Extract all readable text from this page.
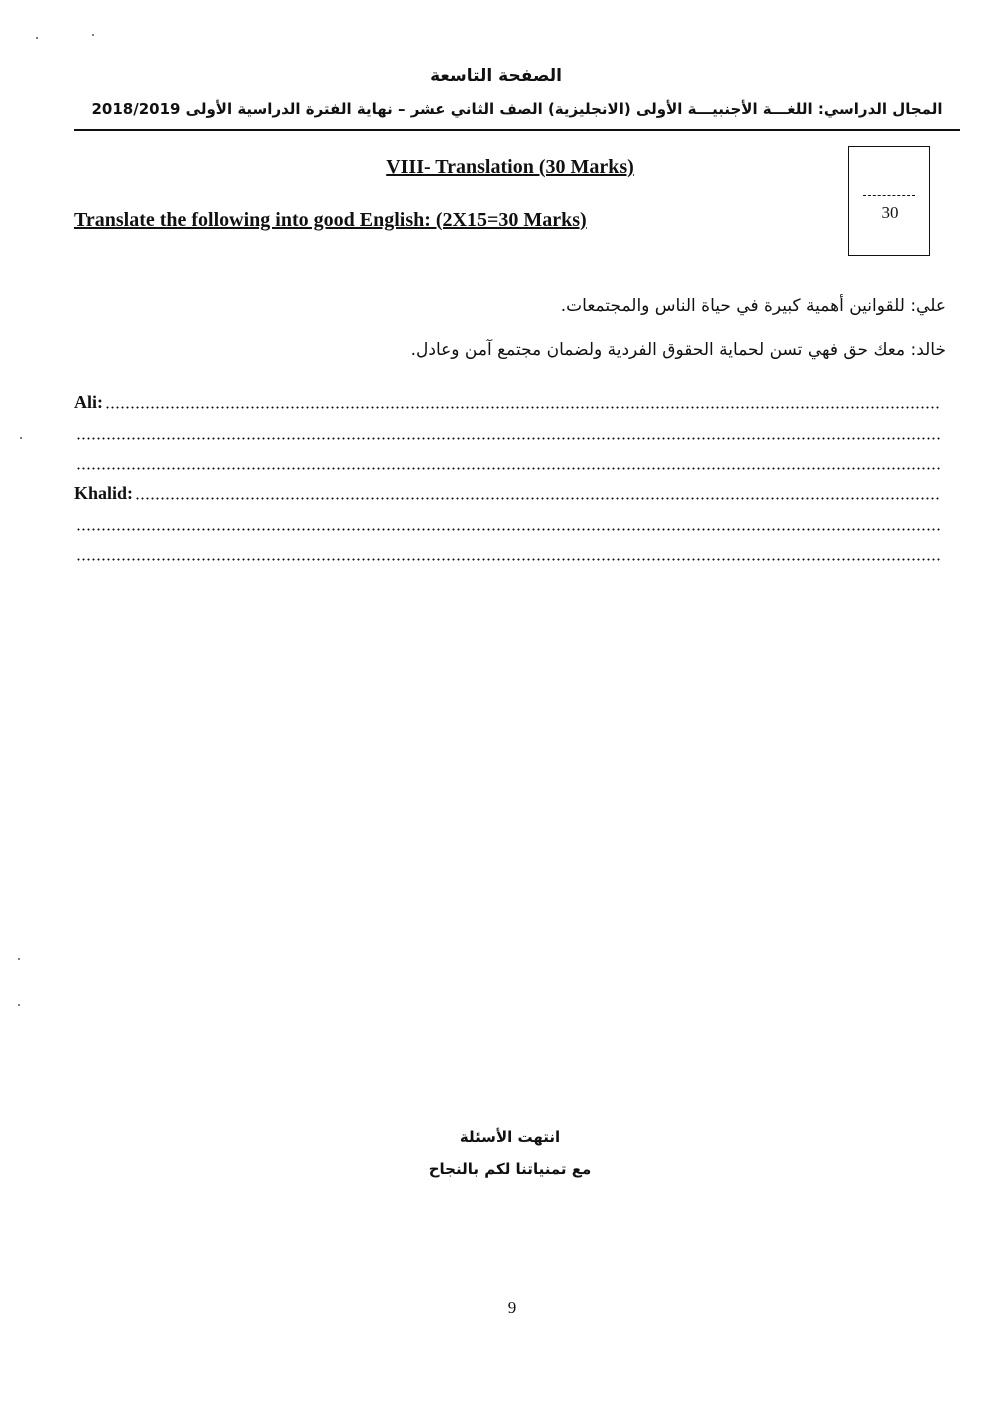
الصفحة التاسعة
المجال الدراسي: اللغـــة الأجنبيـــة الأولى (الانجليزية) الصف الثاني عشر – نهاية الفترة الدراسية الأولى 2018/2019
VIII- Translation (30 Marks)
Translate the following into good English: (2X15=30 Marks)	30
علي: للقوانين أهمية كبيرة في حياة الناس والمجتمعات.
خالد: معك حق فهي تسن لحماية الحقوق الفردية ولضمان مجتمع آمن وعادل.
Ali:
Khalid:
انتهت الأسئلة
مع تمنياتنا لكم بالنجاح
9
